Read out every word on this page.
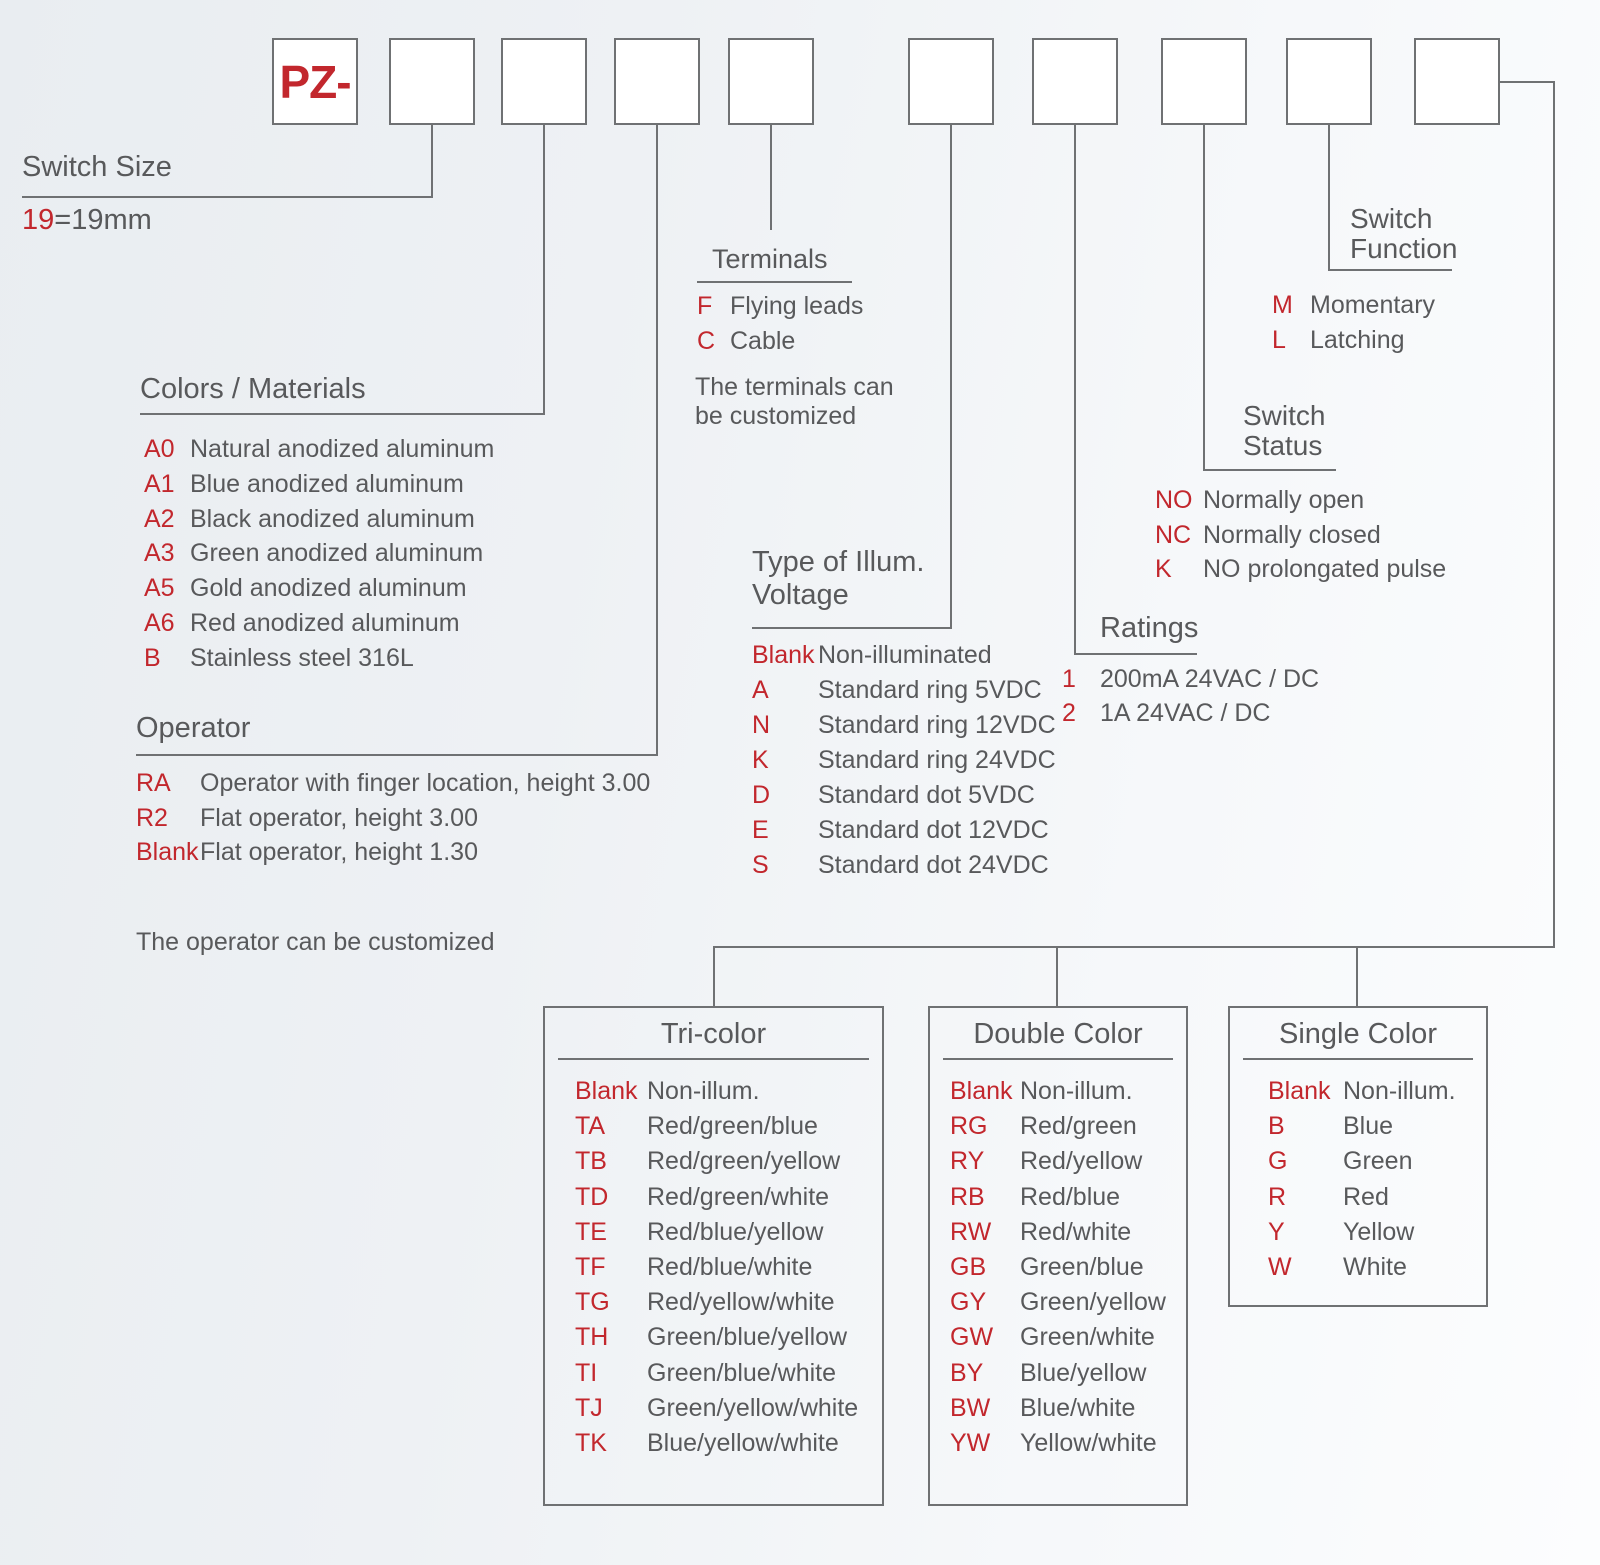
PZ-
Switch Size
19=19mm
Colors / Materials
A0 Natural anodized aluminum
A1 Blue anodized aluminum
A2 Black anodized aluminum
A3 Green anodized aluminum
A5 Gold anodized aluminum
A6 Red anodized aluminum
B	Stainless steel 316L
Operator
RA	Operator with finger location, height 3.00
R2	Flat operator, height 3.00
Blank Flat operator, height 1.30
The operator can be customized
Terminals
F Flying leads
C Cable
The terminals can be customized
Type of Illum.
Voltage
Blank Non-illuminated
A	Standard ring 5VDC
N	Standard ring 12VDC
K	Standard ring 24VDC
D	Standard dot 5VDC
E	Standard dot 12VDC
S	Standard dot 24VDC
Ratings
1 200mA 24VAC / DC
2 1A 24VAC / DC
Switch
Status
NO Normally open
NC Normally closed
K	NO prolongated pulse
Switch
Function
M Momentary
L Latching
Tri-color
Blank Non-illum.
TA	Red/green/blue
TB	Red/green/yellow
TD	Red/green/white
TE	Red/blue/yellow
TF	Red/blue/white
TG	Red/yellow/white
TH	Green/blue/yellow
TI	Green/blue/white
TJ	Green/yellow/white
TK	Blue/yellow/white
Double Color
Blank Non-illum.
RG	Red/green
RY	Red/yellow
RB	Red/blue
RW	Red/white
GB	Green/blue
GY	Green/yellow
GW	Green/white
BY	Blue/yellow
BW	Blue/white
YW	Yellow/white
Single Color
Blank Non-illum.
B	Blue
G	Green
R	Red
Y	Yellow
W	White
